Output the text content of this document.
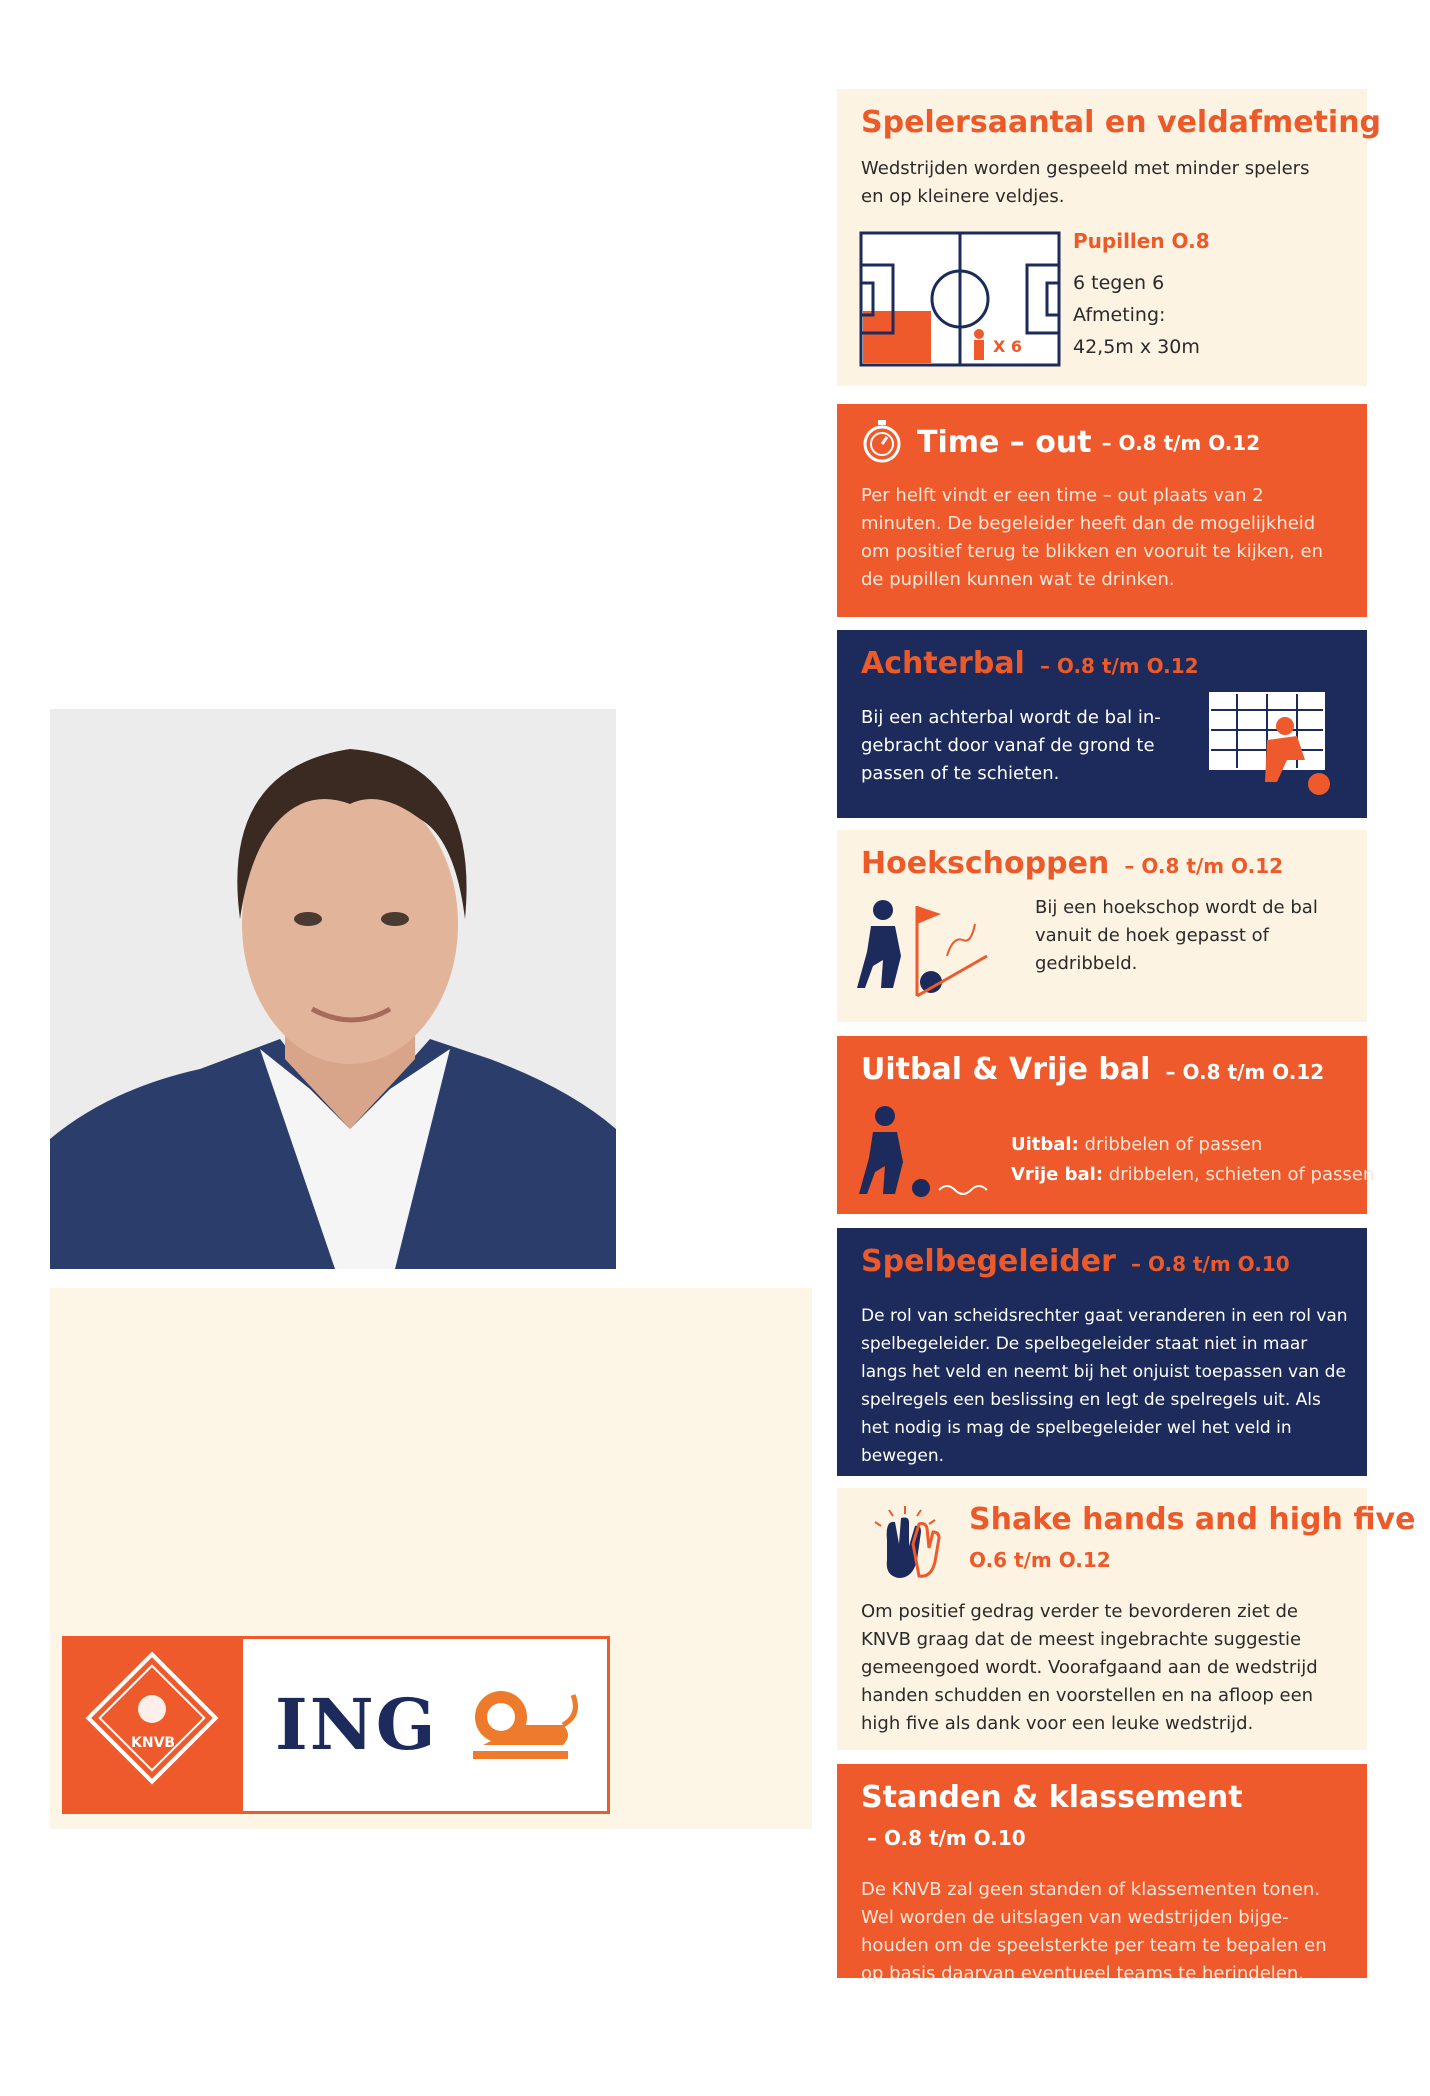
KNVB ING
Spelersaantal en veldafmeting
Wedstrijden worden gespeeld met minder spelers en op kleinere veldjes.
X 6
Pupillen O.8
6 tegen 6
Afmeting:
42,5m x 30m
Time – out – O.8 t/m O.12
Per helft vindt er een time – out plaats van 2 minuten. De begeleider heeft dan de mogelijkheid om positief terug te blikken en vooruit te kijken, en de pupillen kunnen wat te drinken.
Achterbal – O.8 t/m O.12
Bij een achterbal wordt de bal in-gebracht door vanaf de grond te passen of te schieten.
Hoekschoppen – O.8 t/m O.12
Bij een hoekschop wordt de bal vanuit de hoek gepasst of gedribbeld.
Uitbal & Vrije bal – O.8 t/m O.12
Uitbal: dribbelen of passen
Vrije bal: dribbelen, schieten of passen
Spelbegeleider – O.8 t/m O.10
De rol van scheidsrechter gaat veranderen in een rol van spelbegeleider. De spelbegeleider staat niet in maar langs het veld en neemt bij het onjuist toepassen van de spelregels een beslissing en legt de spelregels uit. Als het nodig is mag de spelbegeleider wel het veld in bewegen.
Shake hands and high five
O.6 t/m O.12
Om positief gedrag verder te bevorderen ziet de KNVB graag dat de meest ingebrachte suggestie gemeengoed wordt. Voorafgaand aan de wedstrijd handen schudden en voorstellen en na afloop een high five als dank voor een leuke wedstrijd.
Standen & klassement – O.8 t/m O.10
De KNVB zal geen standen of klassementen tonen. Wel worden de uitslagen van wedstrijden bijge-houden om de speelsterkte per team te bepalen en op basis daarvan eventueel teams te herindelen.
